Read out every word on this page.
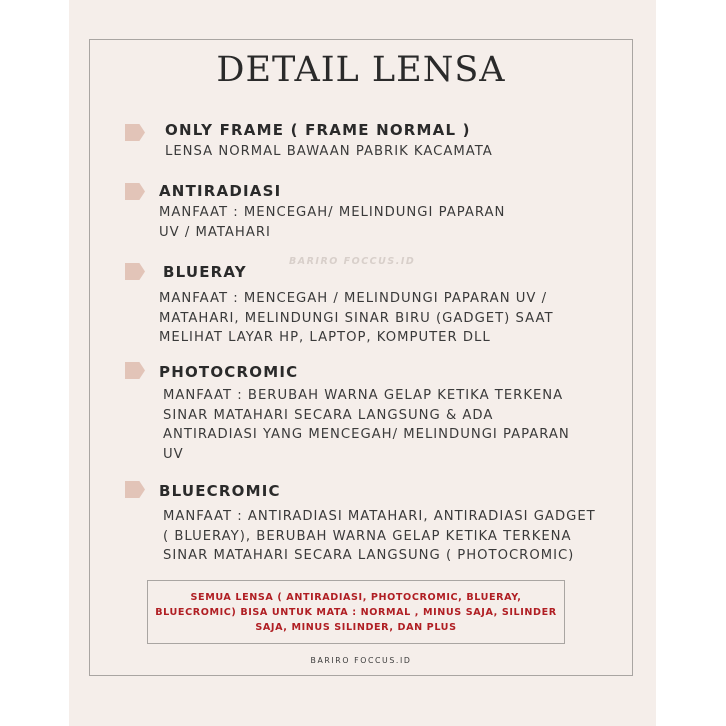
DETAIL LENSA
BARIRO FOCCUS.ID
ONLY FRAME ( FRAME NORMAL )
LENSA NORMAL BAWAAN PABRIK KACAMATA
ANTIRADIASI
MANFAAT : MENCEGAH/ MELINDUNGI PAPARAN
UV / MATAHARI
BLUERAY
MANFAAT : MENCEGAH / MELINDUNGI PAPARAN UV /
MATAHARI, MELINDUNGI SINAR BIRU (GADGET) SAAT
MELIHAT LAYAR HP, LAPTOP, KOMPUTER DLL
PHOTOCROMIC
MANFAAT : BERUBAH WARNA GELAP KETIKA TERKENA
SINAR MATAHARI SECARA LANGSUNG & ADA
ANTIRADIASI YANG MENCEGAH/ MELINDUNGI PAPARAN
UV
BLUECROMIC
MANFAAT : ANTIRADIASI MATAHARI, ANTIRADIASI GADGET
( BLUERAY), BERUBAH WARNA GELAP KETIKA TERKENA
SINAR MATAHARI SECARA LANGSUNG ( PHOTOCROMIC)
SEMUA LENSA ( ANTIRADIASI, PHOTOCROMIC, BLUERAY,
BLUECROMIC) BISA UNTUK MATA : NORMAL , MINUS SAJA, SILINDER
SAJA, MINUS SILINDER, DAN PLUS
BARIRO FOCCUS.ID
